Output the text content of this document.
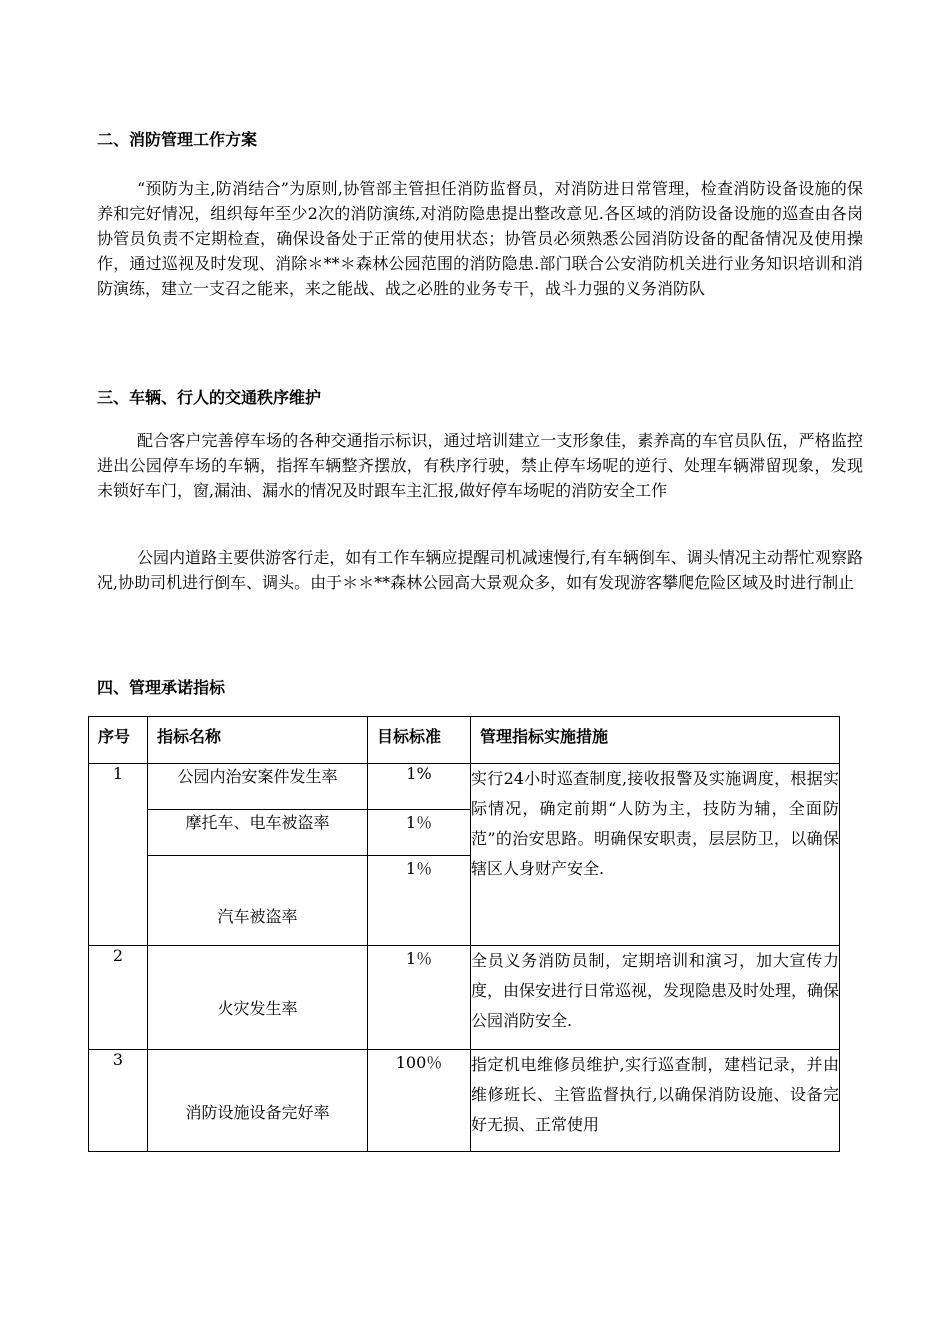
二、消防管理工作方案

“预防为主,防消结合”为原则,协管部主管担任消防监督员，对消防进日常管理，检查消防设备设施的保养和完好情况，组织每年至少2次的消防演练,对消防隐患提出整改意见.各区域的消防设备设施的巡查由各岗协管员负责不定期检查，确保设备处于正常的使用状态；协管员必须熟悉公园消防设备的配备情况及使用操作，通过巡视及时发现、消除＊**＊森林公园范围的消防隐患.部门联合公安消防机关进行业务知识培训和消防演练，建立一支召之能来，来之能战、战之必胜的业务专干，战斗力强的义务消防队

三、车辆、行人的交通秩序维护

配合客户完善停车场的各种交通指示标识，通过培训建立一支形象佳，素养高的车官员队伍，严格监控进出公园停车场的车辆，指挥车辆整齐摆放，有秩序行驶，禁止停车场呢的逆行、处理车辆滞留现象，发现未锁好车门，窗,漏油、漏水的情况及时跟车主汇报,做好停车场呢的消防安全工作

公园内道路主要供游客行走，如有工作车辆应提醒司机减速慢行,有车辆倒车、调头情况主动帮忙观察路况,协助司机进行倒车、调头。由于＊＊**森林公园高大景观众多，如有发现游客攀爬危险区域及时进行制止

四、管理承诺指标
序号	指标名称	目标标准	管理指标实施措施
1	公园内治安案件发生率	1%	实行24小时巡查制度,接收报警及实施调度，根据实际情况，确定前期“人防为主，技防为辅，全面防范”的治安思路。明确保安职责，层层防卫，以确保辖区人身财产安全.
	摩托车、电车被盗率	1％	

	汽车被盗率	1％	
2	火灾发生率	1％	全员义务消防员制，定期培训和演习，加大宣传力度，由保安进行日常巡视，发现隐患及时处理，确保公园消防安全.
3	消防设施设备完好率	100％	指定机电维修员维护,实行巡查制，建档记录，并由维修班长、主管监督执行,以确保消防设施、设备完好无损、正常使用
